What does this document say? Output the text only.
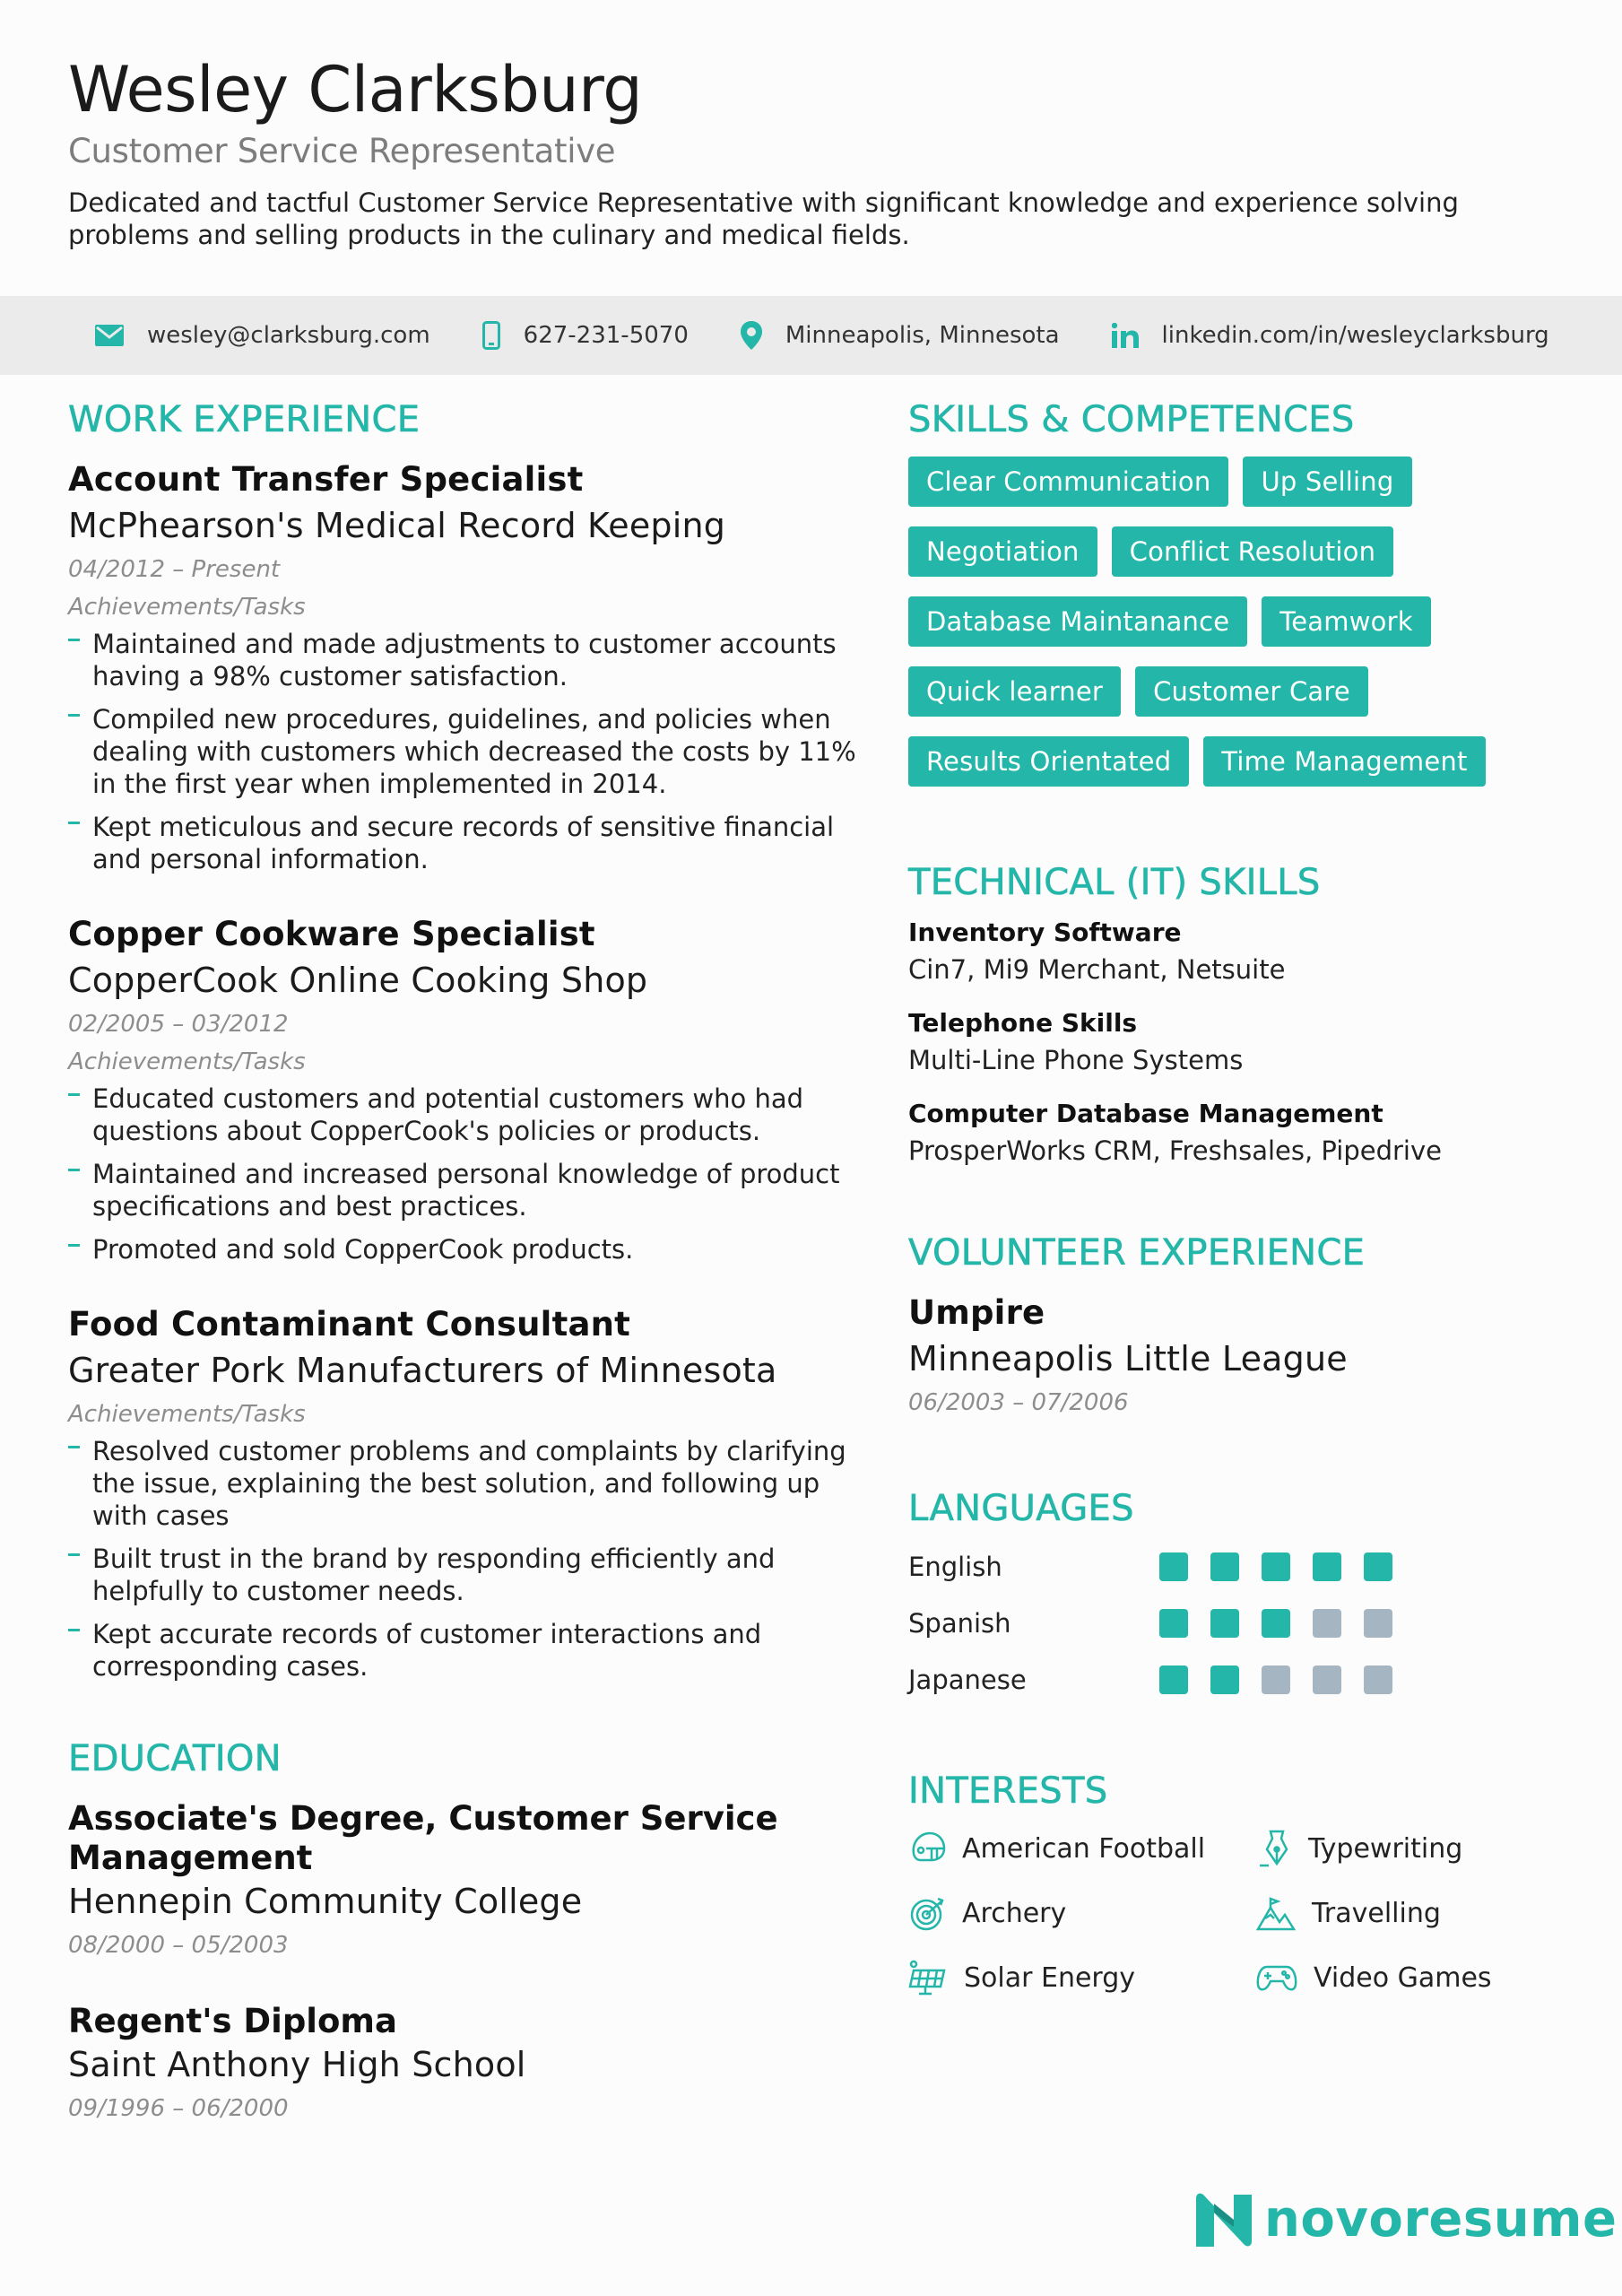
Wesley Clarksburg
Customer Service Representative
Dedicated and tactful Customer Service Representative with significant knowledge and experience solving problems and selling products in the culinary and medical fields.
wesley@clarksburg.com	627-231-5070	Minneapolis, Minnesota	linkedin.com/in/wesleyclarksburg
WORK EXPERIENCE
Account Transfer Specialist
McPhearson's Medical Record Keeping
04/2012 – Present
Achievements/Tasks
Maintained and made adjustments to customer accounts having a 98% customer satisfaction.
Compiled new procedures, guidelines, and policies when dealing with customers which decreased the costs by 11% in the first year when implemented in 2014.
Kept meticulous and secure records of sensitive financial and personal information.
Copper Cookware Specialist
CopperCook Online Cooking Shop
02/2005 – 03/2012
Achievements/Tasks
Educated customers and potential customers who had questions about CopperCook's policies or products.
Maintained and increased personal knowledge of product specifications and best practices.
Promoted and sold CopperCook products.
Food Contaminant Consultant
Greater Pork Manufacturers of Minnesota
Achievements/Tasks
Resolved customer problems and complaints by clarifying the issue, explaining the best solution, and following up with cases
Built trust in the brand by responding efficiently and helpfully to customer needs.
Kept accurate records of customer interactions and corresponding cases.
EDUCATION
Associate's Degree, Customer Service Management
Hennepin Community College
08/2000 – 05/2003
Regent's Diploma
Saint Anthony High School
09/1996 – 06/2000
SKILLS & COMPETENCES
Clear Communication	Up Selling
Negotiation	Conflict Resolution
Database Maintanance	Teamwork
Quick learner	Customer Care
Results Orientated	Time Management
TECHNICAL (IT) SKILLS
Inventory Software
Cin7, Mi9 Merchant, Netsuite
Telephone Skills
Multi-Line Phone Systems
Computer Database Management
ProsperWorks CRM, Freshsales, Pipedrive
VOLUNTEER EXPERIENCE
Umpire
Minneapolis Little League
06/2003 – 07/2006
LANGUAGES
English
Spanish
Japanese
INTERESTS
American Football	Typewriting
Archery	Travelling
Solar Energy	Video Games
novoresume
